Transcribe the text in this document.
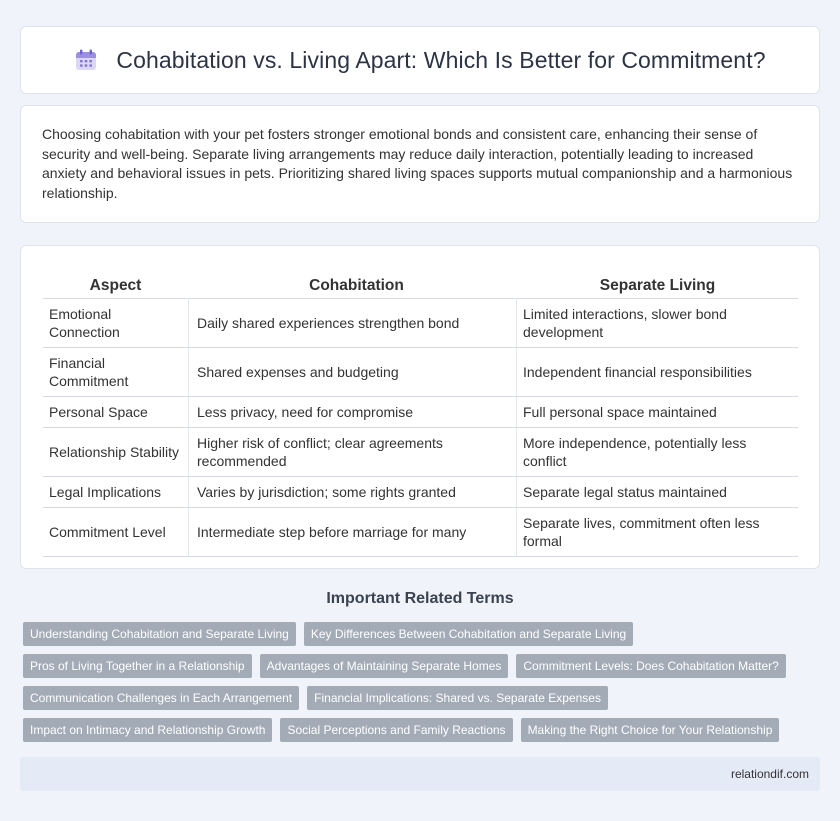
Cohabitation vs. Living Apart: Which Is Better for Commitment?

Choosing cohabitation with your pet fosters stronger emotional bonds and consistent care, enhancing their sense of security and well-being. Separate living arrangements may reduce daily interaction, potentially leading to increased anxiety and behavioral issues in pets. Prioritizing shared living spaces supports mutual companionship and a harmonious relationship.

Aspect	Cohabitation	Separate Living
Emotional Connection	Daily shared experiences strengthen bond	Limited interactions, slower bond development
Financial Commitment	Shared expenses and budgeting	Independent financial responsibilities
Personal Space	Less privacy, need for compromise	Full personal space maintained
Relationship Stability	Higher risk of conflict; clear agreements recommended	More independence, potentially less conflict
Legal Implications	Varies by jurisdiction; some rights granted	Separate legal status maintained
Commitment Level	Intermediate step before marriage for many	Separate lives, commitment often less formal
Important Related Terms
Understanding Cohabitation and Separate Living	Key Differences Between Cohabitation and Separate Living
Pros of Living Together in a Relationship	Advantages of Maintaining Separate Homes	Commitment Levels: Does Cohabitation Matter?
Communication Challenges in Each Arrangement	Financial Implications: Shared vs. Separate Expenses
Impact on Intimacy and Relationship Growth	Social Perceptions and Family Reactions	Making the Right Choice for Your Relationship
relationdif.com
